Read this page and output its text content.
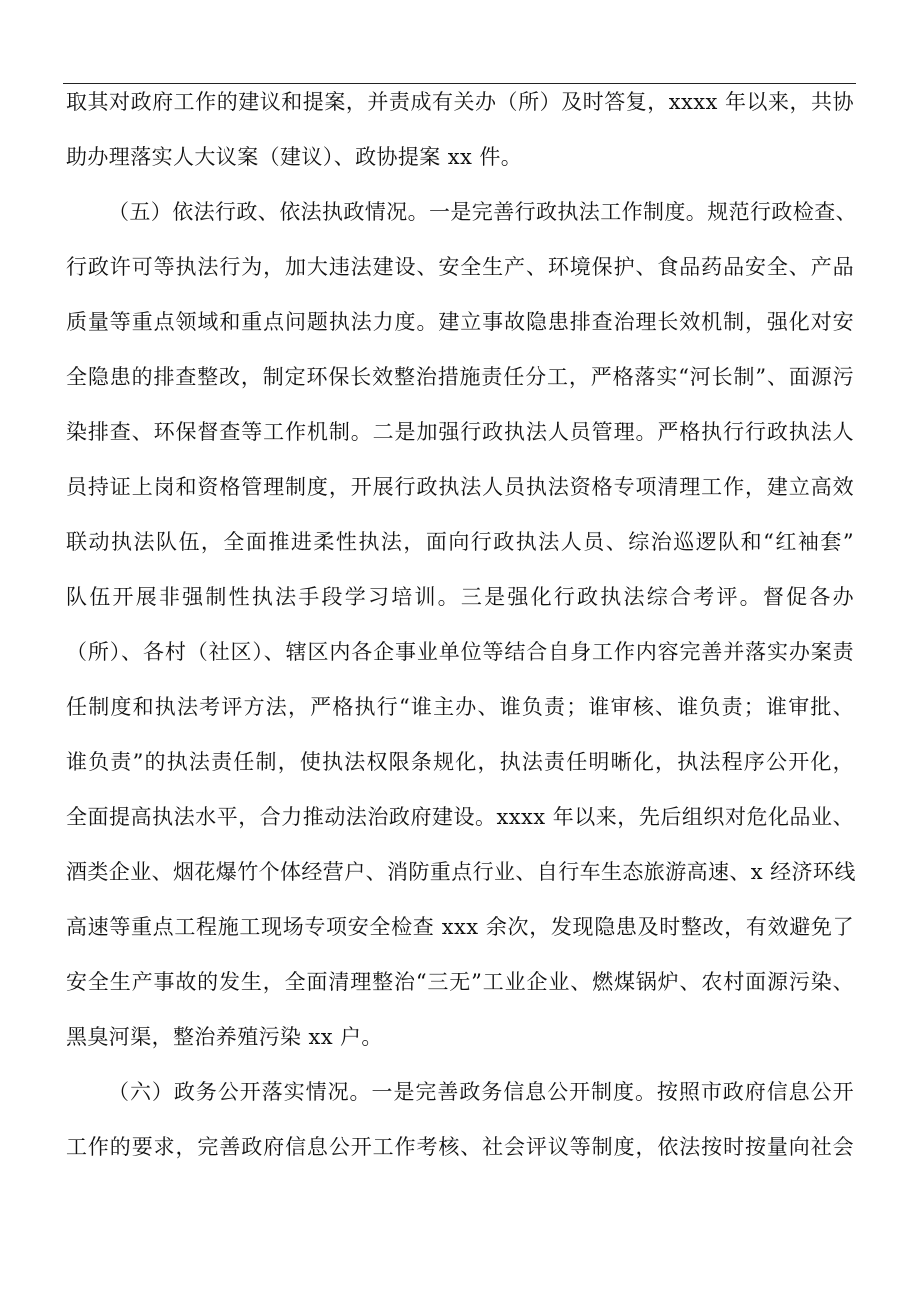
取其对政府工作的建议和提案，并责成有关办（所）及时答复，xxxx 年以来，共协
助办理落实人大议案（建议）、政协提案 xx 件。
（五）依法行政、依法执政情况。一是完善行政执法工作制度。规范行政检查、
行政许可等执法行为，加大违法建设、安全生产、环境保护、食品药品安全、产品
质量等重点领域和重点问题执法力度。建立事故隐患排查治理长效机制，强化对安
全隐患的排查整改，制定环保长效整治措施责任分工，严格落实“河长制”、面源污
染排查、环保督查等工作机制。二是加强行政执法人员管理。严格执行行政执法人
员持证上岗和资格管理制度，开展行政执法人员执法资格专项清理工作，建立高效
联动执法队伍，全面推进柔性执法，面向行政执法人员、综治巡逻队和“红袖套”
队伍开展非强制性执法手段学习培训。三是强化行政执法综合考评。督促各办
（所）、各村（社区）、辖区内各企事业单位等结合自身工作内容完善并落实办案责
任制度和执法考评方法，严格执行“谁主办、谁负责；谁审核、谁负责；谁审批、
谁负责”的执法责任制，使执法权限条规化，执法责任明晰化，执法程序公开化，
全面提高执法水平，合力推动法治政府建设。xxxx 年以来，先后组织对危化品业、
酒类企业、烟花爆竹个体经营户、消防重点行业、自行车生态旅游高速、x 经济环线
高速等重点工程施工现场专项安全检查 xxx 余次，发现隐患及时整改，有效避免了
安全生产事故的发生，全面清理整治“三无”工业企业、燃煤锅炉、农村面源污染、
黑臭河渠，整治养殖污染 xx 户。
（六）政务公开落实情况。一是完善政务信息公开制度。按照市政府信息公开
工作的要求，完善政府信息公开工作考核、社会评议等制度，依法按时按量向社会
